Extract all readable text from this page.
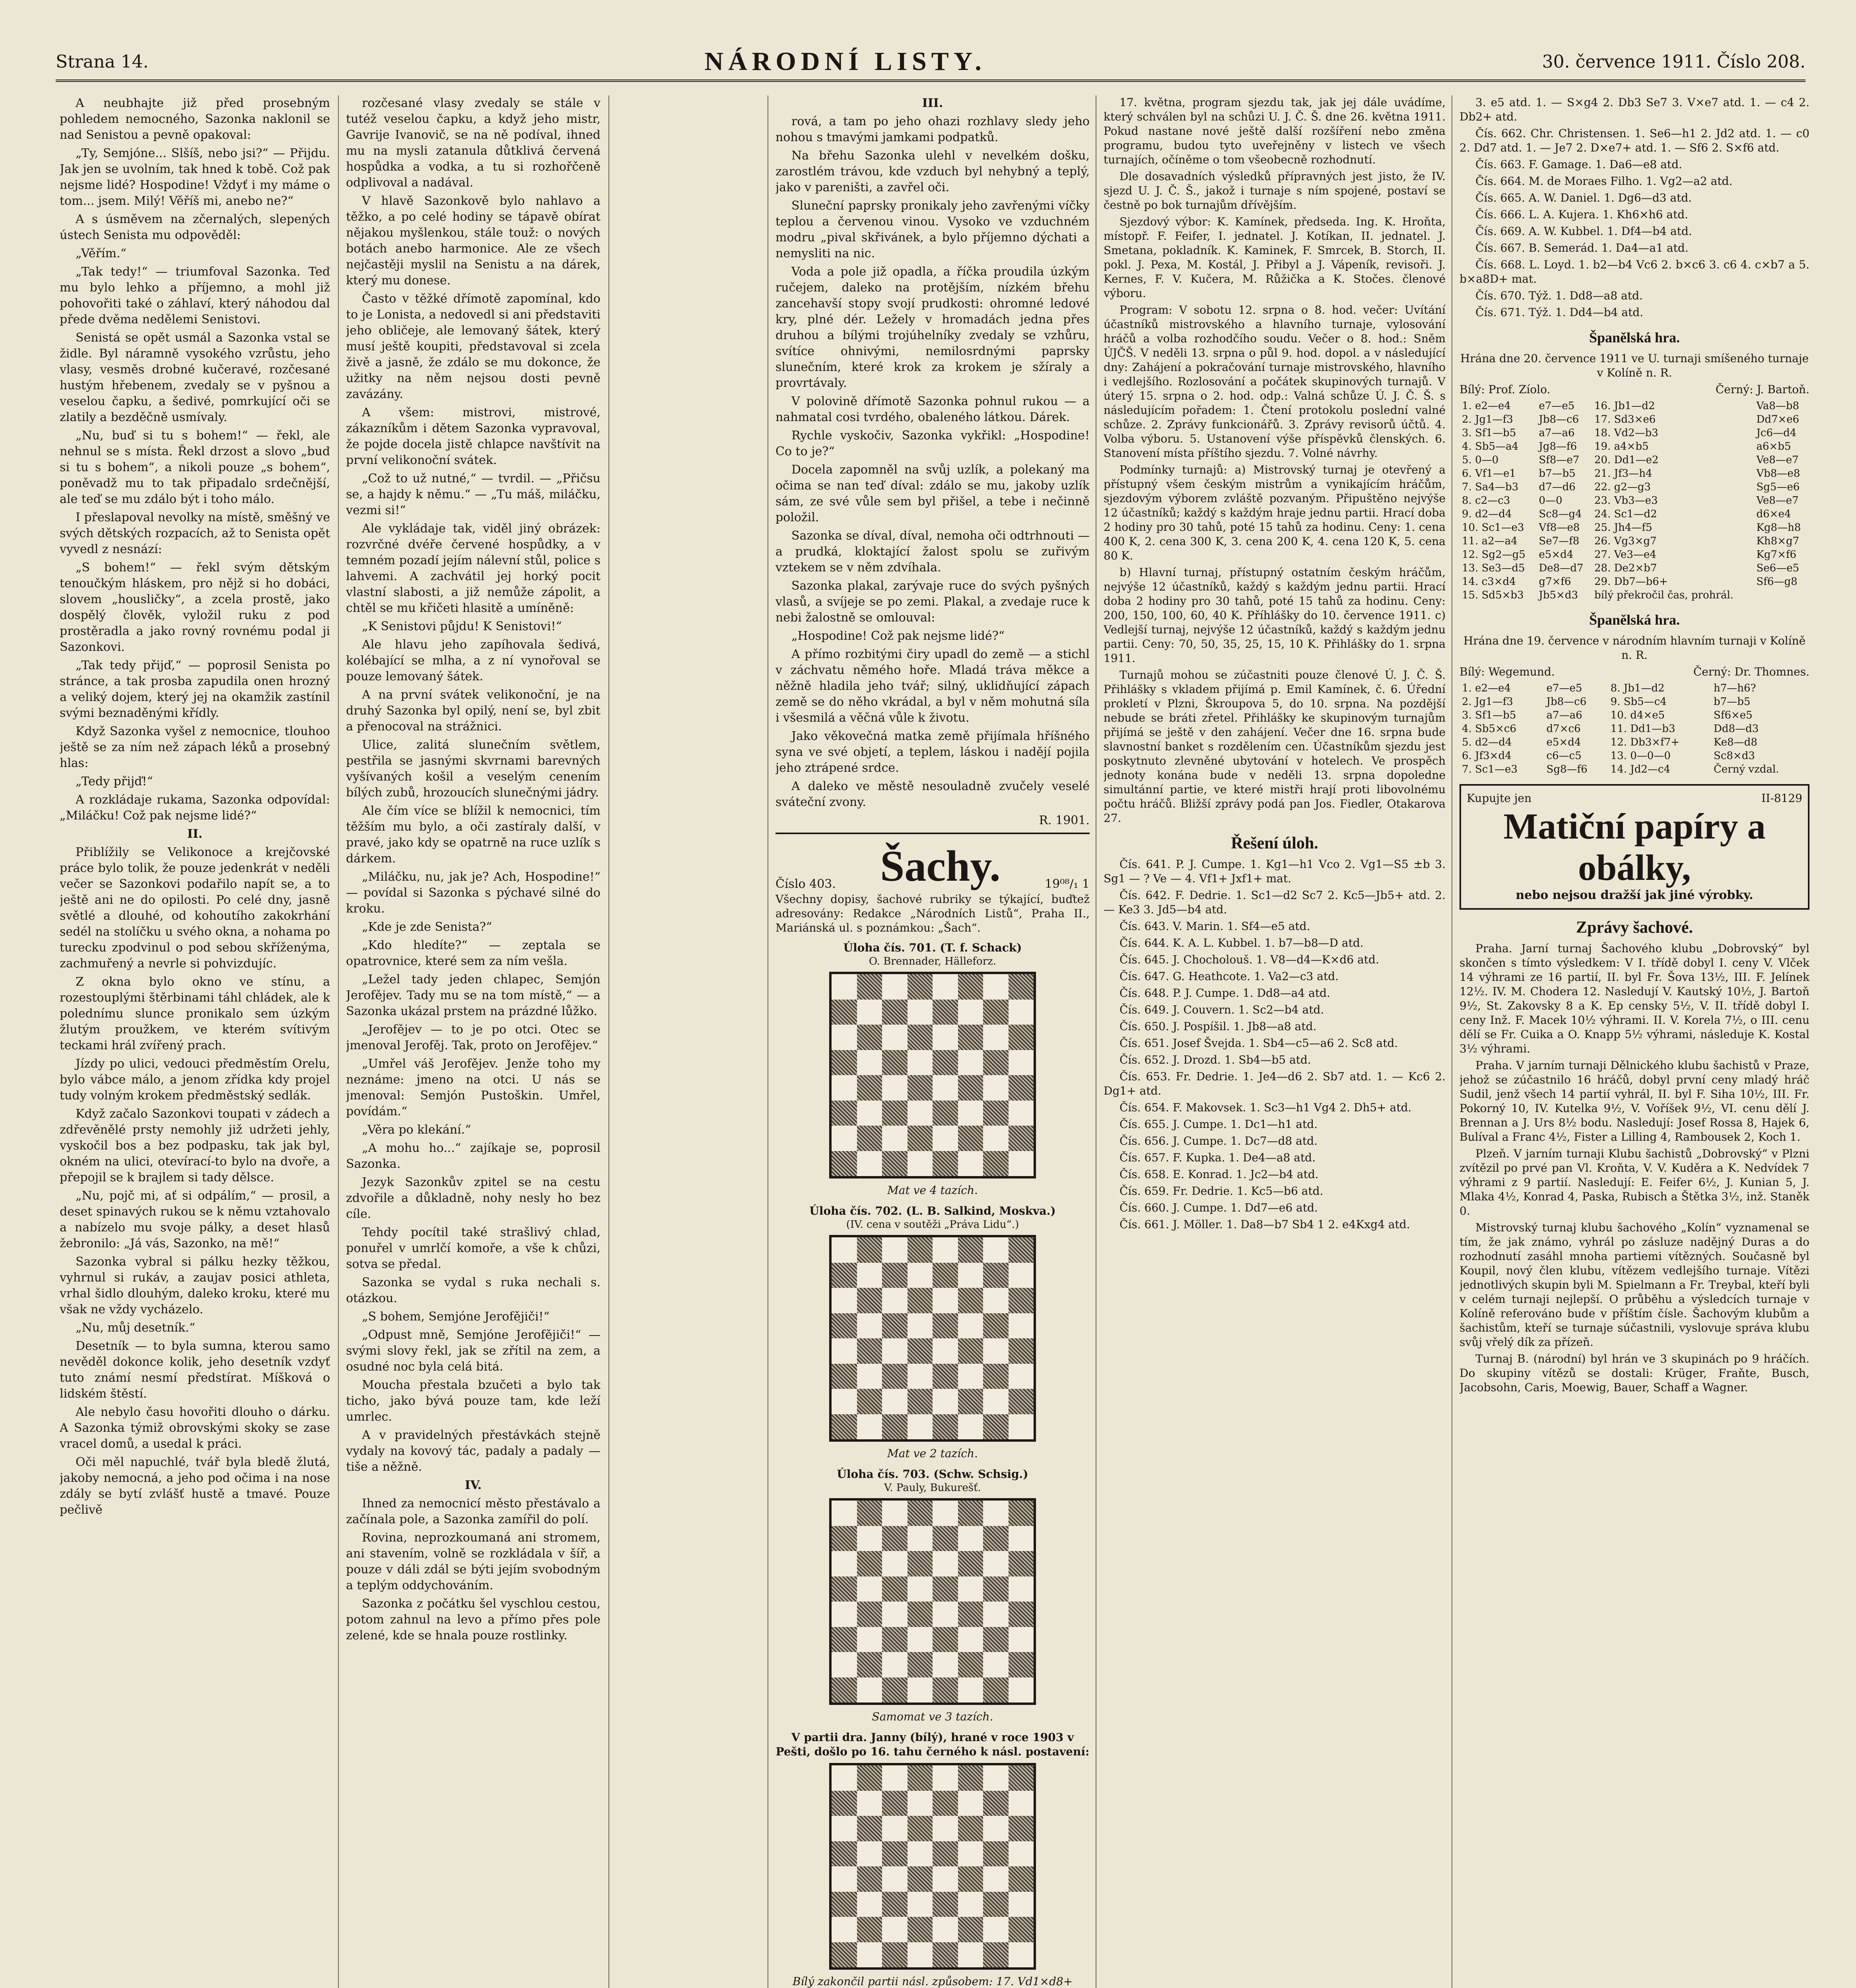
Strana 14.	NÁRODNÍ LISTY.	30. července 1911. Číslo 208.

A neubhajte již před prosebným pohledem nemocného, Sazonka naklonil se nad Senistou a pevně opakoval:

„Ty, Semjóne... Slšíš, nebo jsi?“ — Přijdu. Jak jen se uvolním, tak hned k tobě. Což pak nejsme lidé? Hospodine! Vždyť i my máme o tom... jsem. Milý! Věříš mi, anebo ne?“

A s úsměvem na zčernalých, slepených ústech Senista mu odpověděl:

„Věřím.“

„Tak tedy!“ — triumfoval Sazonka. Teď mu bylo lehko a příjemno, a mohl již pohovořiti také o záhlaví, který náhodou dal přede dvěma nedělemi Senistovi.

Senistá se opět usmál a Sazonka vstal se židle. Byl náramně vysokého vzrůstu, jeho vlasy, vesměs drobné kučeravé, rozčesané hustým hřebenem, zvedaly se v pyšnou a veselou čapku, a šedivé, pomrkující oči se zlatily a bezděčně usmívaly.

„Nu, buď si tu s bohem!“ — řekl, ale nehnul se s místa. Řekl drzost a slovo „buď si tu s bohem“, a nikoli pouze „s bohem“, poněvadž mu to tak připadalo srdečnější, ale teď se mu zdálo být i toho málo.

I přeslapoval nevolky na místě, směšný ve svých dětských rozpacích, až to Senista opět vyvedl z nesnází:

„S bohem!“ — řekl svým dětským tenoučkým hláskem, pro nějž si ho dobáci, slovem „housličky“, a zcela prostě, jako dospělý člověk, vyložil ruku z pod prostěradla a jako rovný rovnému podal ji Sazonkovi.

„Tak tedy přijď,“ — poprosil Senista po stránce, a tak prosba zapudila onen hrozný a veliký dojem, který jej na okamžik zastínil svými beznaděnými křídly.

Když Sazonka vyšel z nemocnice, tlouhoo ještě se za ním než zápach léků a prosebný hlas:

„Tedy přijď!“

A rozkládaje rukama, Sazonka odpovídal: „Miláčku! Což pak nejsme lidé?“

II.

Přiblížily se Velikonoce a krejčovské práce bylo tolik, že pouze jedenkrát v neděli večer se Sazonkovi podařilo napít se, a to ještě ani ne do opilosti. Po celé dny, jasně světlé a dlouhé, od kohoutího zakokrhání sedél na stolíčku u svého okna, a nohama po turecku zpodvinul o pod sebou skříženýma, zachmuřený a nevrle si pohvizdujíc.

Z okna bylo okno ve stínu, a rozestouplými štěrbinami táhl chládek, ale k polednímu slunce pronikalo sem úzkým žlutým proužkem, ve kterém svítivým teckami hrál zvířený prach.

Jízdy po ulici, vedouci předměstím Orelu, bylo vábce málo, a jenom zřídka kdy projel tudy volným krokem předměstský sedlák.

Když začalo Sazonkovi toupati v zádech a zdřevěnělé prsty nemohly již udržeti jehly, vyskočil bos a bez podpasku, tak jak byl, okném na ulici, otevírací-to bylo na dvoře, a přepojil se k brajlem si tady dělsce.

„Nu, pojč mi, ať si odpálím,“ — prosil, a deset spinavých rukou se k němu vztahovalo a nabízelo mu svoje pálky, a deset hlasů žebronilo: „Já vás, Sazonko, na mě!“

Sazonka vybral si pálku hezky těžkou, vyhrnul si rukáv, a zaujav posici athleta, vrhal šidlo dlouhým, daleko kroku, které mu však ne vždy vycházelo.

„Nu, můj desetník.“

Desetník — to byla sumna, kterou samo nevěděl dokonce kolik, jeho desetník vzdyť tuto známí nesmí předstírat. Míšková o lidském štěstí.

Ale nebylo času hovořiti dlouho o dárku. A Sazonka týmiž obrovskými skoky se zase vracel domů, a usedal k práci.

Oči měl napuchlé, tvář byla bledě žlutá, jakoby nemocná, a jeho pod očima i na nose zdály se bytí zvlášť hustě a tmavé. Pouze pečlivě

rozčesané vlasy zvedaly se stále v tutéž veselou čapku, a když jeho mistr, Gavrije Ivanovič, se na ně podíval, ihned mu na mysli zatanula důtklivá červená hospůdka a vodka, a tu si rozhořčeně odplivoval a nadával.

V hlavě Sazonkově bylo nahlavo a těžko, a po celé hodiny se tápavě obírat nějakou myšlenkou, stále touž: o nových botách anebo harmonice. Ale ze všech nejčastěji myslil na Senistu a na dárek, který mu donese.

Často v těžké dřímotě zapomínal, kdo to je Lonista, a nedovedl si ani představiti jeho obličeje, ale lemovaný šátek, který musí ještě koupiti, představoval si zcela živě a jasně, že zdálo se mu dokonce, že užitky na něm nejsou dosti pevně zavázány.

A všem: mistrovi, mistrové, zákazníkům i dětem Sazonka vypravoval, že pojde docela jistě chlapce navštívit na první velikonoční svátek.

„Což to už nutné,“ — tvrdil. — „Přičsu se, a hajdy k němu.“ — „Tu máš, miláčku, vezmi si!“

Ale vykládaje tak, viděl jiný obrázek: rozvrčné dvéře červené hospůdky, a v temném pozadí jejím nálevní stůl, police s lahvemi. A zachvátil jej horký pocit vlastní slabosti, a již nemůže zápolit, a chtěl se mu křičeti hlasitě a umíněně:

„K Senistovi půjdu! K Senistovi!“

Ale hlavu jeho zapíhovala šedivá, kolébající se mlha, a z ní vynořoval se pouze lemovaný šátek.

A na první svátek velikonoční, je na druhý Sazonka byl opilý, není se, byl zbit a přenocoval na strážnici.

Ulice, zalitá slunečním světlem, pestřila se jasnými skvrnami barevných vyšívaných košil a veselým cenením bílých zubů, hrozoucích slunečnými jádry.

Ale čím více se blížil k nemocnici, tím těžším mu bylo, a oči zastíraly další, v pravé, jako kdy se opatrně na ruce uzlík s dárkem.

„Miláčku, nu, jak je? Ach, Hospodine!“ — povídal si Sazonka s pýchavé silné do kroku.

„Kde je zde Senista?“

„Kdo hledíte?“ — zeptala se opatrovnice, které sem za ním vešla.

„Ležel tady jeden chlapec, Semjón Jerofějev. Tady mu se na tom místě,“ — a Sazonka ukázal prstem na prázdné lůžko.

„Jerofějev — to je po otci. Otec se jmenoval Jerofěj. Tak, proto on Jerofějev.“

„Umřel váš Jerofějev. Jenže toho my neznáme: jmeno na otci. U nás se jmenoval: Semjón Pustoškin. Umřel, povídám.“

„Věra po klekání.“

„A mohu ho...“ zajíkaje se, poprosil Sazonka.

Jezyk Sazonkův zpitel se na cestu zdvořile a důkladně, nohy nesly ho bez cíle.

Tehdy pocítil také strašlivý chlad, ponuřel v umrlčí komoře, a vše k chůzi, sotva se předal.

Sazonka se vydal s ruka nechali s. otázkou.

„S bohem, Semjóne Jerofějiči!“

„Odpust mně, Semjóne Jerofějiči!“ — svými slovy řekl, jak se zřítil na zem, a osudné noc byla celá bitá.

Moucha přestala bzučeti a bylo tak ticho, jako bývá pouze tam, kde leží umrlec.

A v pravidelných přestávkách stejně vydaly na kovový tác, padaly a padaly — tiše a něžně.

IV.

Ihned za nemocnicí město přestávalo a začínala pole, a Sazonka zamířil do polí.

Rovina, neprozkoumaná ani stromem, ani stavením, volně se rozkládala v šíř, a pouze v dáli zdál se býti jejím svobodným a teplým oddychováním.

Sazonka z počátku šel vyschlou cestou, potom zahnul na levo a přímo přes pole zelené, kde se hnala pouze rostlinky.

III.

rová, a tam po jeho ohazi rozhlavy sledy jeho nohou s tmavými jamkami podpatků.

Na břehu Sazonka ulehl v nevelkém došku, zarostlém trávou, kde vzduch byl nehybný a teplý, jako v pareništi, a zavřel oči.

Sluneční paprsky pronikaly jeho zavřenými víčky teplou a červenou vinou. Vysoko ve vzduchném modru „pival skřivánek, a bylo příjemno dýchati a nemysliti na nic.

Voda a pole již opadla, a říčka proudila úzkým ručejem, daleko na protějším, nízkém břehu zancehavší stopy svojí prudkosti: ohromné ledové kry, plné dér. Ležely v hromadách jedna přes druhou a bílými trojúhelníky zvedaly se vzhůru, svítíce ohnivými, nemilosrdnými paprsky slunečním, které krok za krokem je sžíraly a provrtávaly.

V polovině dřímotě Sazonka pohnul rukou — a nahmatal cosi tvrdého, obaleného látkou. Dárek.

Rychle vyskočiv, Sazonka vykřikl: „Hospodine! Co to je?“

Docela zapomněl na svůj uzlík, a polekaný ma očima se nan teď díval: zdálo se mu, jakoby uzlík sám, ze své vůle sem byl přišel, a tebe i nečinně položil.

Sazonka se díval, díval, nemoha oči odtrhnouti — a prudká, kloktající žalost spolu se zuřivým vztekem se v něm zdvíhala.

Sazonka plakal, zarývaje ruce do svých pyšných vlasů, a svíjeje se po zemi. Plakal, a zvedaje ruce k nebi žalostně se omlouval:

„Hospodine! Což pak nejsme lidé?“

A přímo rozbitými čiry upadl do země — a stichl v záchvatu němého hoře. Mladá tráva měkce a něžně hladila jeho tvář; silný, uklidňující zápach země se do něho vkrádal, a byl v něm mohutná síla i všesmilá a věčná vůle k životu.

Jako věkovečná matka země přijímala hříšného syna ve své objetí, a teplem, láskou i nadějí pojila jeho ztrápené srdce.

A daleko ve městě nesouladně zvučely veselé sváteční zvony.

R. 1901.

Číslo 403. Šachy.	19⁰⁸/₁ 1

Všechny dopisy, šachové rubriky se týkající, buďtež adresovány: Redakce „Národních Listů“, Praha II., Mariánská ul. s poznámkou: „Šach“.

Úloha čís. 701. (T. f. Schack)
O. Brennader, Hälleforz.
Mat ve 4 tazích.
Úloha čís. 702. (L. B. Salkind, Moskva.)
(IV. cena v soutěži „Práva Lidu“.)
Mat ve 2 tazích.
Úloha čís. 703. (Schw. Schsig.)
V. Pauly, Bukurešť.
Samomat ve 3 tazích.
V partii dra. Janny (bílý), hrané v roce 1903 v Pešti, došlo po 16. tahu černého k násl. postavení:
Bílý zakončil partii násl. způsobem: 17. Vd1×d8+

17. května, program sjezdu tak, jak jej dále uvádíme, který schválen byl na schůzi U. J. Č. Š. dne 26. května 1911. Pokud nastane nové ještě další rozšíření nebo změna programu, budou tyto uveřejněny v listech ve všech turnajích, očíněme o tom všeobecně rozhodnutí.

Dle dosavadních výsledků přípravných jest jisto, že IV. sjezd U. J. Č. Š., jakož i turnaje s ním spojené, postaví se čestně po bok turnajům dřívějším.

Sjezdový výbor: K. Kamínek, předseda. Ing. K. Hroňta, místopř. F. Feifer, I. jednatel. J. Kotíkan, II. jednatel. J. Smetana, pokladník. K. Kaminek, F. Smrcek, B. Storch, II. pokl. J. Pexa, M. Kostál, J. Přibyl a J. Vápeník, revisoři. J. Kernes, F. V. Kučera, M. Růžička a K. Stočes. členové výboru.

Program: V sobotu 12. srpna o 8. hod. večer: Uvítání účastníků mistrovského a hlavního turnaje, vylosování hráčů a volba rozhodčího soudu. Večer o 8. hod.: Sněm ÚJČŠ. V neděli 13. srpna o půl 9. hod. dopol. a v následující dny: Zahájení a pokračování turnaje mistrovského, hlavního i vedlejšího. Rozlosování a počátek skupinových turnajů. V úterý 15. srpna o 2. hod. odp.: Valná schůze Ú. J. Č. Š. s následujícím pořadem: 1. Čtení protokolu poslední valné schůze. 2. Zprávy funkcionářů. 3. Zprávy revisorů účtů. 4. Volba výboru. 5. Ustanovení výše příspěvků členských. 6. Stanovení místa příštího sjezdu. 7. Volné návrhy.

Podmínky turnajů: a) Mistrovský turnaj je otevřený a přístupný všem českým mistrům a vynikajícím hráčům, sjezdovým výborem zvláště pozvaným. Připuštěno nejvýše 12 účastníků; každý s každým hraje jednu partii. Hrací doba 2 hodiny pro 30 tahů, poté 15 tahů za hodinu. Ceny: 1. cena 400 K, 2. cena 300 K, 3. cena 200 K, 4. cena 120 K, 5. cena 80 K.

b) Hlavní turnaj, přístupný ostatním českým hráčům, nejvýše 12 účastníků, každý s každým jednu partii. Hrací doba 2 hodiny pro 30 tahů, poté 15 tahů za hodinu. Ceny: 200, 150, 100, 60, 40 K. Příhlášky do 10. července 1911. c) Vedlejší turnaj, nejvýše 12 účastníků, každý s každým jednu partii. Ceny: 70, 50, 35, 25, 15, 10 K. Přihlášky do 1. srpna 1911.

Turnajů mohou se zúčastniti pouze členové Ú. J. Č. Š. Přihlášky s vkladem přijímá p. Emil Kamínek, č. 6. Úřední prokletí v Plzni, Škroupova 5, do 10. srpna. Na pozdější nebude se bráti zřetel. Přihlášky ke skupinovým turnajům přijímá se ještě v den zahájení. Večer dne 16. srpna bude slavnostní banket s rozdělením cen. Účastníkům sjezdu jest poskytnuto zlevněné ubytování v hotelech. Ve prospěch jednoty konána bude v neděli 13. srpna dopoledne simultánní partie, ve které mistři hrají proti libovolnému počtu hráčů. Bližší zprávy podá pan Jos. Fiedler, Otakarova 27.

Řešení úloh.

Čís. 641. P. J. Cumpe. 1. Kg1—h1 Vco 2. Vg1—S5 ±b 3. Sg1 — ? Ve — 4. Vf1+ Jxf1+ mat.

Čís. 642. F. Dedrie. 1. Sc1—d2 Sc7 2. Kc5—Jb5+ atd. 2. — Ke3 3. Jd5—b4 atd.

Čís. 643. V. Marin. 1. Sf4—e5 atd.

Čís. 644. K. A. L. Kubbel. 1. b7—b8—D atd.

Čís. 645. J. Chocholouš. 1. V8—d4—K×d6 atd.

Čís. 647. G. Heathcote. 1. Va2—c3 atd.

Čís. 648. P. J. Cumpe. 1. Dd8—a4 atd.

Čís. 649. J. Couvern. 1. Sc2—b4 atd.

Čís. 650. J. Pospíšil. 1. Jb8—a8 atd.

Čís. 651. Josef Švejda. 1. Sb4—c5—a6 2. Sc8 atd.

Čís. 652. J. Drozd. 1. Sb4—b5 atd.

Čís. 653. Fr. Dedrie. 1. Je4—d6 2. Sb7 atd. 1. — Kc6 2. Dg1+ atd.

Čís. 654. F. Makovsek. 1. Sc3—h1 Vg4 2. Dh5+ atd.

Čís. 655. J. Cumpe. 1. Dc1—h1 atd.

Čís. 656. J. Cumpe. 1. Dc7—d8 atd.

Čís. 657. F. Kupka. 1. De4—a8 atd.

Čís. 658. E. Konrad. 1. Jc2—b4 atd.

Čís. 659. Fr. Dedrie. 1. Kc5—b6 atd.

Čís. 660. J. Cumpe. 1. Dd7—e6 atd.

Čís. 661. J. Möller. 1. Da8—b7 Sb4 1 2. e4Kxg4 atd.

3. e5 atd. 1. — S×g4 2. Db3 Se7 3. V×e7 atd. 1. — c4 2. Db2+ atd.

Čís. 662. Chr. Christensen. 1. Se6—h1 2. Jd2 atd. 1. — c0 2. Dd7 atd. 1. — Je7 2. D×e7+ atd. 1. — Sf6 2. S×f6 atd.

Čís. 663. F. Gamage. 1. Da6—e8 atd.

Čís. 664. M. de Moraes Filho. 1. Vg2—a2 atd.

Čís. 665. A. W. Daniel. 1. Dg6—d3 atd.

Čís. 666. L. A. Kujera. 1. Kh6×h6 atd.

Čís. 669. A. W. Kubbel. 1. Df4—b4 atd.

Čís. 667. B. Semerád. 1. Da4—a1 atd.

Čís. 668. L. Loyd. 1. b2—b4 Vc6 2. b×c6 3. c6 4. c×b7 a 5. b×a8D+ mat.

Čís. 670. Týž. 1. Dd8—a8 atd.

Čís. 671. Týž. 1. Dd4—b4 atd.

Španělská hra.

Hrána dne 20. července 1911 ve U. turnaji smíšeného turnaje v Kolíně n. R.

Bílý: Prof. Zíolo.	Černý: J. Bartoň.
1. e2—e4	e7—e5	16. Jb1—d2	Va8—b8
2. Jg1—f3	Jb8—c6	17. Sd3×e6	Dd7×e6
3. Sf1—b5	a7—a6	18. Vd2—b3	Jc6—d4
4. Sb5—a4	Jg8—f6	19. a4×b5	a6×b5
5. 0—0	Sf8—e7	20. Dd1—e2	Ve8—e7
6. Vf1—e1	b7—b5	21. Jf3—h4	Vb8—e8
7. Sa4—b3	d7—d6	22. g2—g3	Sg5—e6
8. c2—c3	0—0	23. Vb3—e3	Ve8—e7
9. d2—d4	Sc8—g4	24. Sc1—d2	d6×e4
10. Sc1—e3	Vf8—e8	25. Jh4—f5	Kg8—h8
11. a2—a4	Se7—f8	26. Vg3×g7	Kh8×g7
12. Sg2—g5	e5×d4	27. Ve3—e4	Kg7×f6
13. Se3—d5	De8—d7	28. De2×b7	Se6—e5
14. c3×d4	g7×f6	29. Db7—b6+	Sf6—g8
15. Sd5×b3	Jb5×d3	bílý překročil čas, prohrál.	
Španělská hra.

Hrána dne 19. července v národním hlavním turnaji v Kolíně n. R.

Bílý: Wegemund.	Černý: Dr. Thomnes.
1. e2—e4	e7—e5	8. Jb1—d2	h7—h6?
2. Jg1—f3	Jb8—c6	9. Sb5—c4	b7—b5
3. Sf1—b5	a7—a6	10. d4×e5	Sf6×e5
4. Sb5×c6	d7×c6	11. Dd1—b3	Dd8—d3
5. d2—d4	e5×d4	12. Db3×f7+	Ke8—d8
6. Jf3×d4	c6—c5	13. 0—0—0	Sc8×d3
7. Sc1—e3	Sg8—f6	14. Jd2—c4	Černý vzdal.
Kupujte jen	II-8129
Matiční papíry a obálky,
nebo nejsou dražší jak jiné výrobky.
Zprávy šachové.

Praha. Jarní turnaj Šachového klubu „Dobrovský“ byl skončen s tímto výsledkem: V I. třídě dobyl I. ceny V. Vlček 14 výhrami ze 16 partií, II. byl Fr. Šova 13½, III. F. Jelínek 12½. IV. M. Chodera 12. Nasledují V. Kautský 10½, J. Bartoň 9½, St. Zakovsky 8 a K. Ep censky 5½, V. II. třídě dobyl I. ceny Inž. F. Macek 10½ výhrami. II. V. Korela 7½, o III. cenu dělí se Fr. Cuika a O. Knapp 5½ výhrami, následuje K. Kostal 3½ výhrami.

Praha. V jarním turnaji Dělnického klubu šachistů v Praze, jehož se zúčastnilo 16 hráčů, dobyl první ceny mladý hráč Sudil, jenž všech 14 partií vyhrál, II. byl F. Siha 10½, III. Fr. Pokorný 10, IV. Kutelka 9½, V. Voříšek 9½, VI. cenu dělí J. Brennan a J. Urs 8½ bodu. Nasledují: Josef Rossa 8, Hajek 6, Bulíval a Franc 4½, Fister a Lilling 4, Rambousek 2, Koch 1.

Plzeň. V jarním turnaji Klubu šachistů „Dobrovský“ v Plzni zvítězil po prvé pan Vl. Kroňta, V. V. Kuděra a K. Nedvídek 7 výhrami z 9 partií. Nasledují: E. Feifer 6½, J. Kunian 5, J. Mlaka 4½, Konrad 4, Paska, Rubisch a Štětka 3½, inž. Staněk 0.

Mistrovský turnaj klubu šachového „Kolín“ vyznamenal se tím, že jak známo, vyhrál po zásluze nadějný Duras a do rozhodnutí zasáhl mnoha partiemi vítězných. Současně byl Koupil, nový člen klubu, vítězem vedlejšího turnaje. Vítězi jednotlivých skupin byli M. Spielmann a Fr. Treybal, kteří byli v celém turnaji nejlepší. O průběhu a výsledcích turnaje v Kolíně referováno bude v příštím čísle. Šachovým klubům a šachistům, kteří se turnaje súčastnili, vyslovuje správa klubu svůj vřelý dík za přízeň.

Turnaj B. (národní) byl hrán ve 3 skupinách po 9 hráčích. Do skupiny vítězů se dostali: Krüger, Fraňte, Busch, Jacobsohn, Caris, Moewig, Bauer, Schaff a Wagner.
